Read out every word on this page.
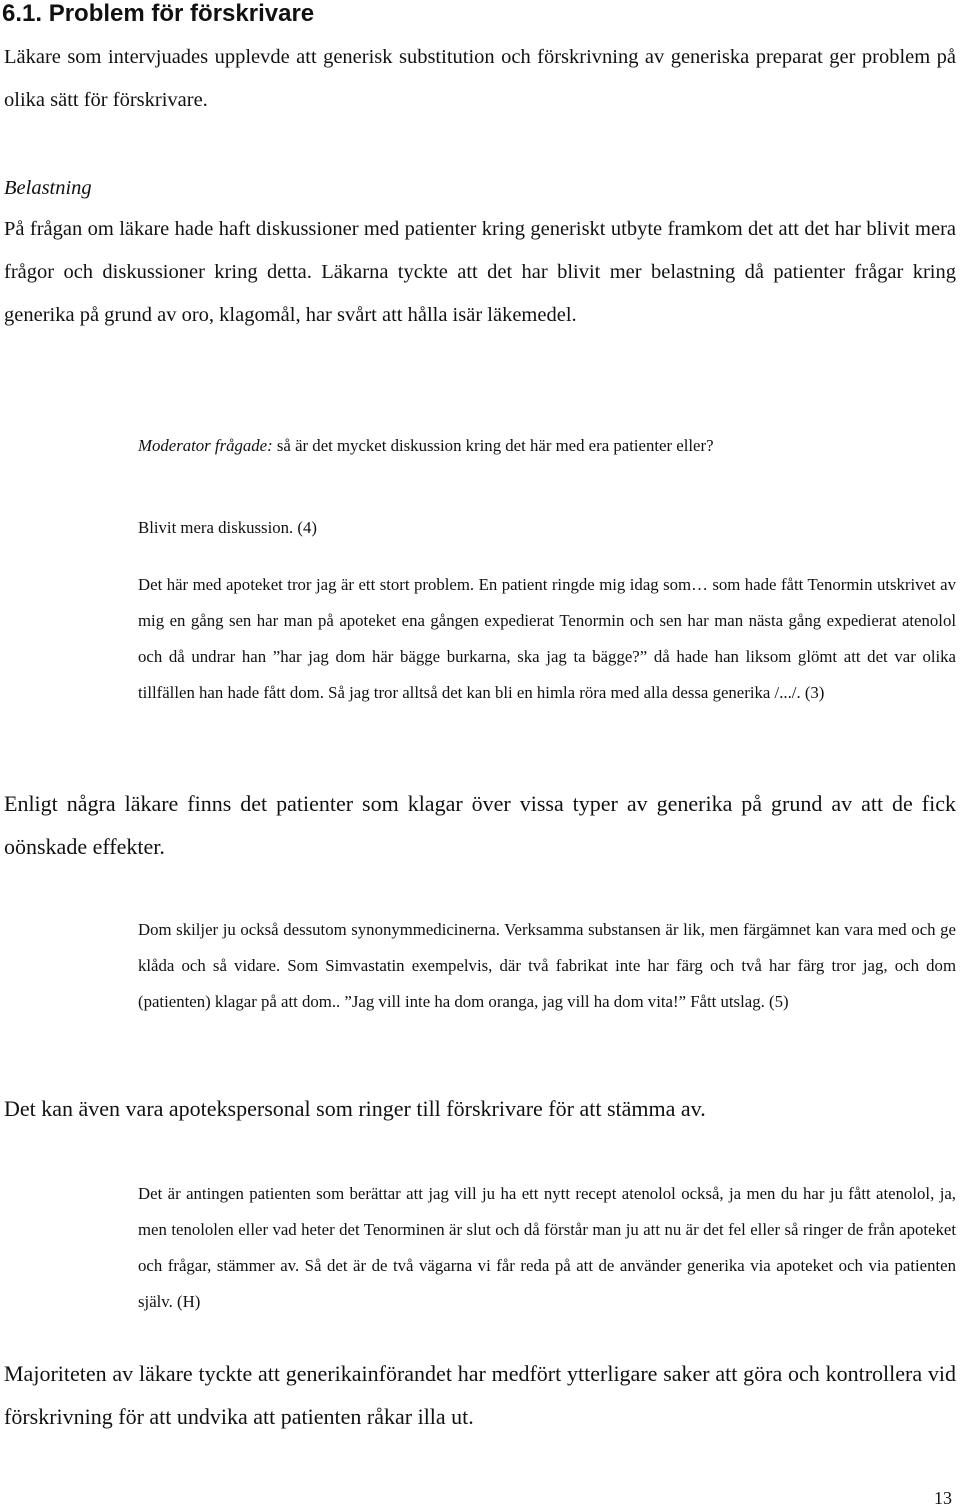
6.1. Problem för förskrivare

Läkare som intervjuades upplevde att generisk substitution och förskrivning av generiska preparat ger problem på olika sätt för förskrivare.

Belastning

På frågan om läkare hade haft diskussioner med patienter kring generiskt utbyte framkom det att det har blivit mera frågor och diskussioner kring detta. Läkarna tyckte att det har blivit mer belastning då patienter frågar kring generika på grund av oro, klagomål, har svårt att hålla isär läkemedel.

Moderator frågade: så är det mycket diskussion kring det här med era patienter eller?

Blivit mera diskussion. (4)

Det här med apoteket tror jag är ett stort problem. En patient ringde mig idag som… som hade fått Tenormin utskrivet av mig en gång sen har man på apoteket ena gången expedierat Tenormin och sen har man nästa gång expedierat atenolol och då undrar han ”har jag dom här bägge burkarna, ska jag ta bägge?” då hade han liksom glömt att det var olika tillfällen han hade fått dom. Så jag tror alltså det kan bli en himla röra med alla dessa generika /.../. (3)

Enligt några läkare finns det patienter som klagar över vissa typer av generika på grund av att de fick oönskade effekter.

Dom skiljer ju också dessutom synonymmedicinerna. Verksamma substansen är lik, men färgämnet kan vara med och ge klåda och så vidare. Som Simvastatin exempelvis, där två fabrikat inte har färg och två har färg tror jag, och dom (patienten) klagar på att dom.. ”Jag vill inte ha dom oranga, jag vill ha dom vita!” Fått utslag. (5)

Det kan även vara apotekspersonal som ringer till förskrivare för att stämma av.

Det är antingen patienten som berättar att jag vill ju ha ett nytt recept atenolol också, ja men du har ju fått atenolol, ja, men tenololen eller vad heter det Tenorminen är slut och då förstår man ju att nu är det fel eller så ringer de från apoteket och frågar, stämmer av. Så det är de två vägarna vi får reda på att de använder generika via apoteket och via patienten själv. (H)

Majoriteten av läkare tyckte att generikainförandet har medfört ytterligare saker att göra och kontrollera vid förskrivning för att undvika att patienten råkar illa ut.

13
